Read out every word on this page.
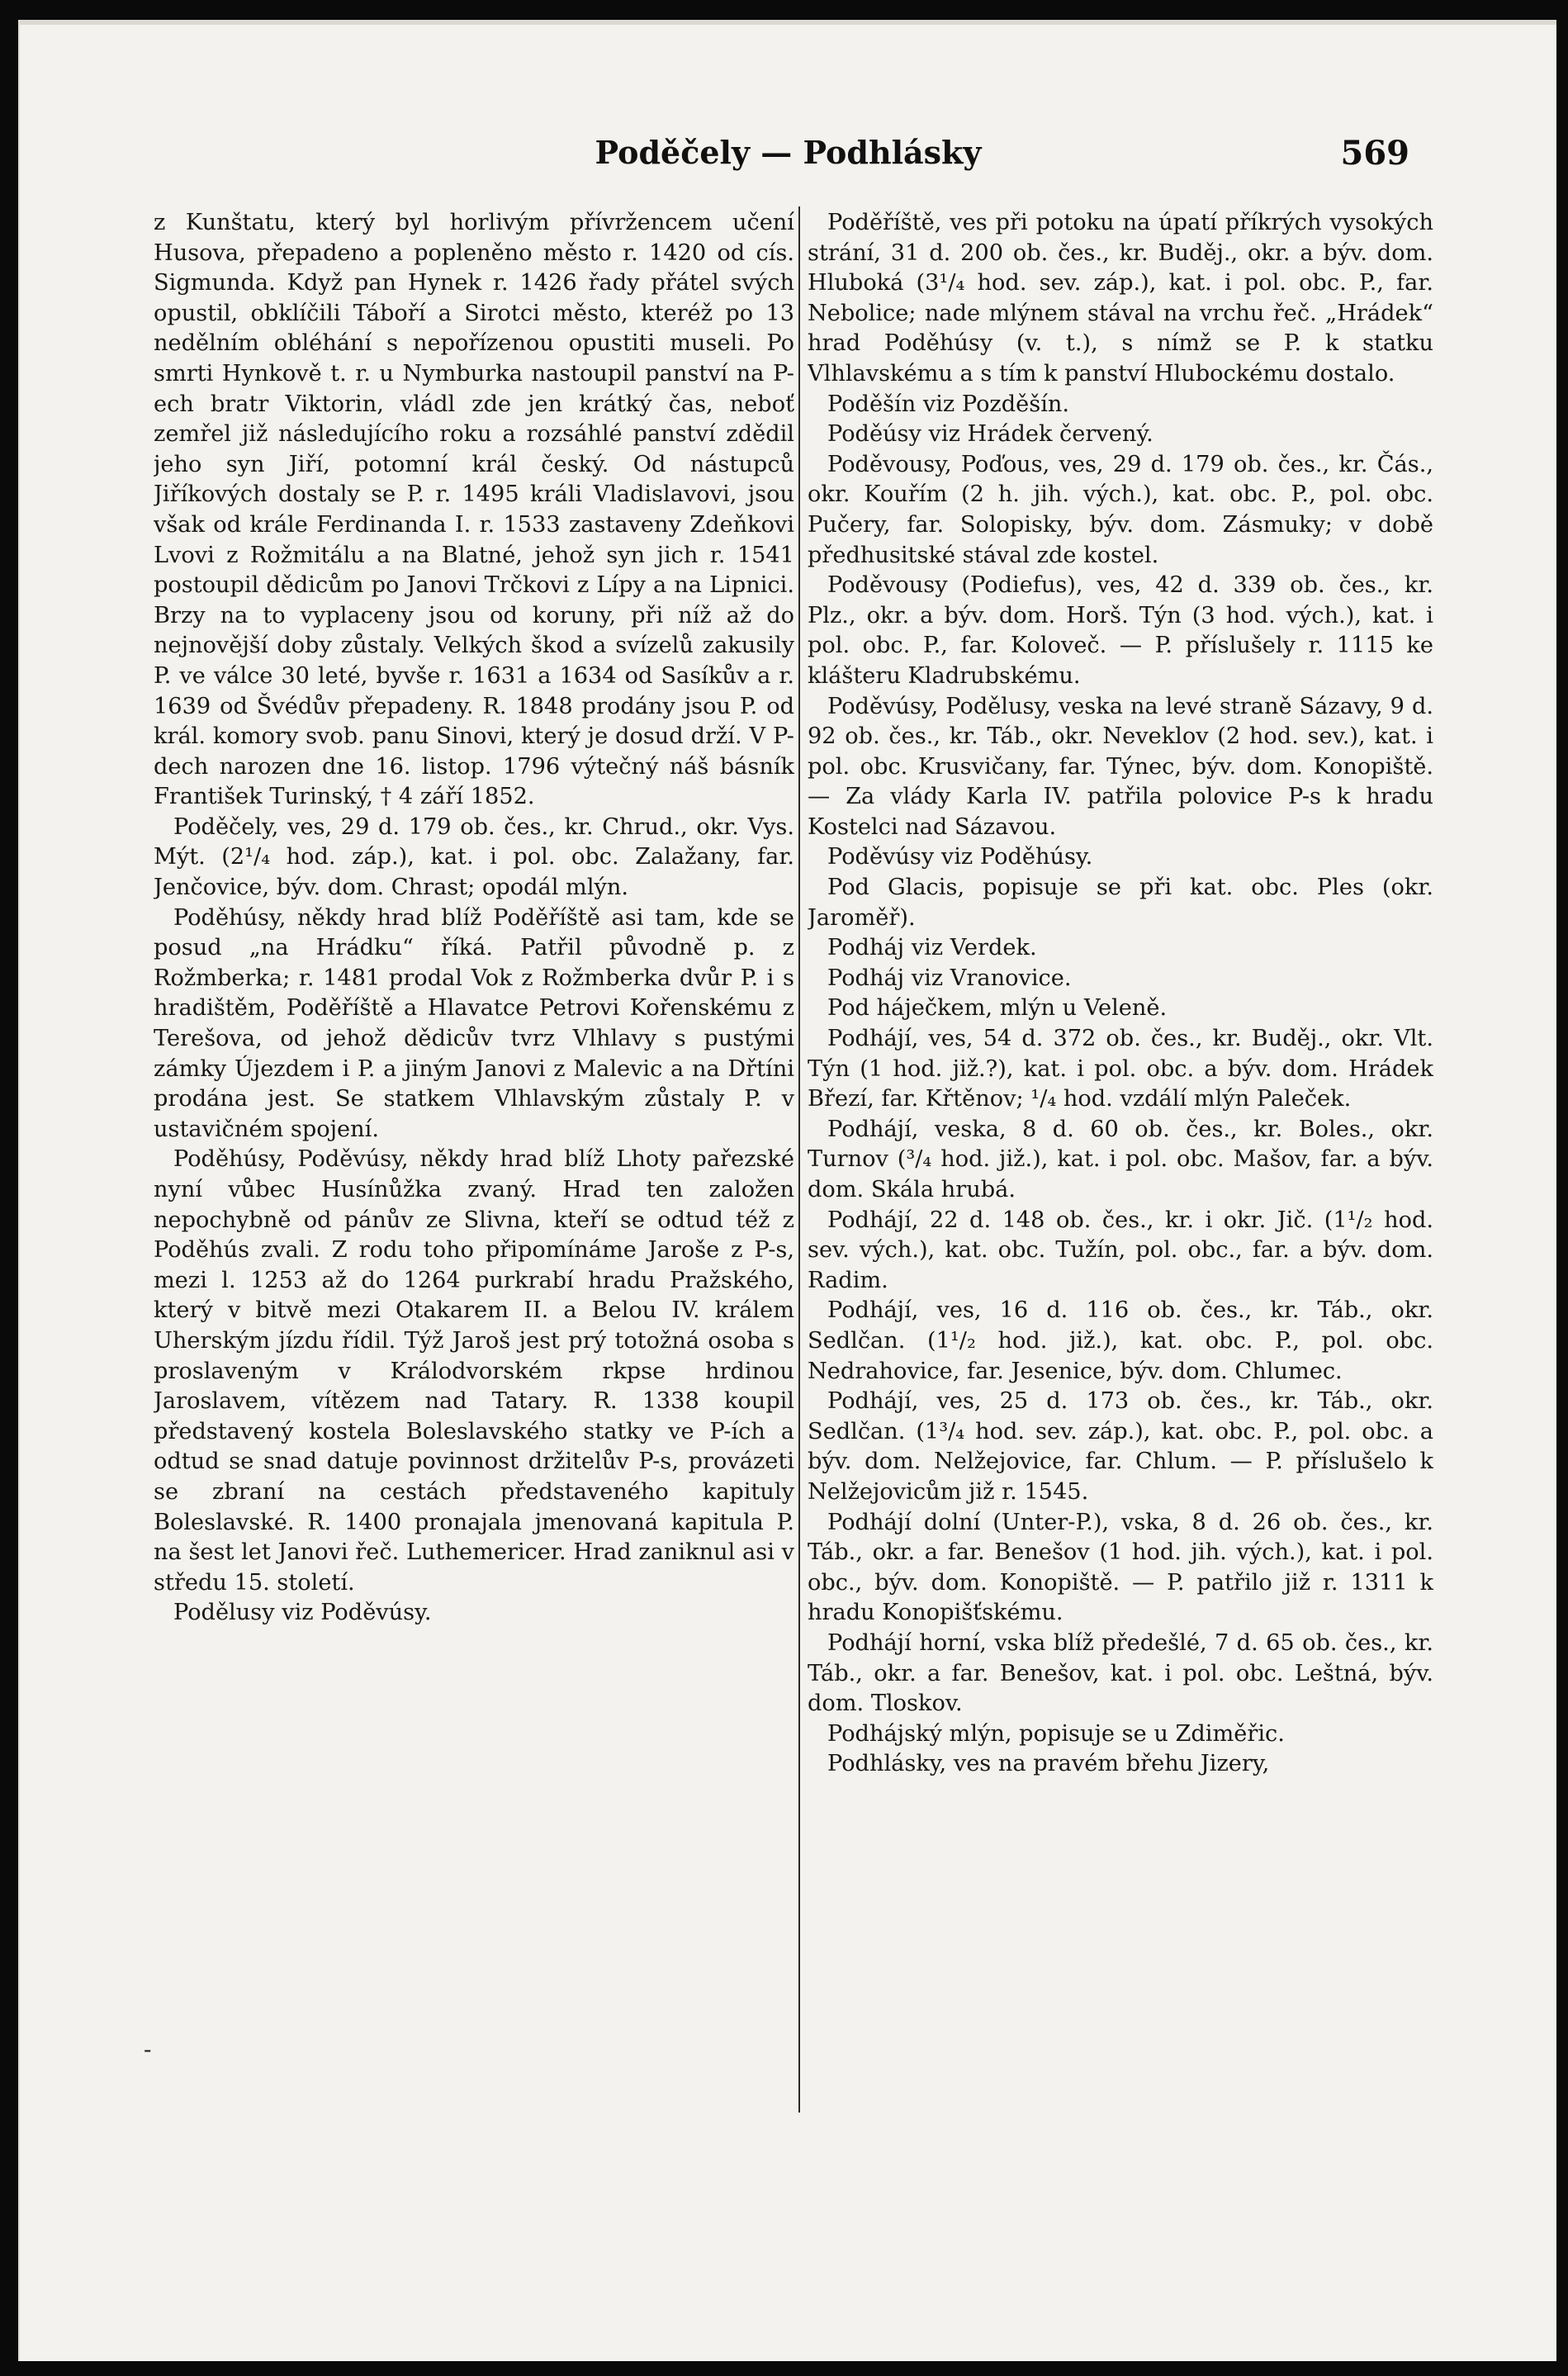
Poděčely — Podhlásky	569

z Kunštatu, který byl horlivým přívržencem učení Husova, přepadeno a popleněno město r. 1420 od cís. Sigmunda. Když pan Hynek r. 1426 řady přátel svých opustil, obklíčili Táboří a Sirotci město, kteréž po 13 nedělním obléhání s nepořízenou opustiti museli. Po smrti Hynkově t. r. u Nymburka nastoupil panství na P-ech bratr Viktorin, vládl zde jen krátký čas, neboť zemřel již následujícího roku a rozsáhlé panství zdědil jeho syn Jiří, potomní král český. Od nástupců Jiříkových dostaly se P. r. 1495 králi Vladislavovi, jsou však od krále Ferdinanda I. r. 1533 zastaveny Zdeňkovi Lvovi z Rožmitálu a na Blatné, jehož syn jich r. 1541 postoupil dědicům po Janovi Trčkovi z Lípy a na Lipnici. Brzy na to vyplaceny jsou od koruny, při níž až do nejnovější doby zůstaly. Velkých škod a svízelů zakusily P. ve válce 30 leté, byvše r. 1631 a 1634 od Sasíkův a r. 1639 od Švédův přepadeny. R. 1848 prodány jsou P. od král. komory svob. panu Sinovi, který je dosud drží. V P-dech narozen dne 16. listop. 1796 výtečný náš básník František Turinský, † 4 září 1852.

Poděčely, ves, 29 d. 179 ob. čes., kr. Chrud., okr. Vys. Mýt. (2¹/₄ hod. záp.), kat. i pol. obc. Zalažany, far. Jenčovice, býv. dom. Chrast; opodál mlýn.

Poděhúsy, někdy hrad blíž Poděříště asi tam, kde se posud „na Hrádku“ říká. Patřil původně p. z Rožmberka; r. 1481 prodal Vok z Rožmberka dvůr P. i s hradištěm, Poděříště a Hlavatce Petrovi Kořenskému z Terešova, od jehož dědicův tvrz Vlhlavy s pustými zámky Újezdem i P. a jiným Janovi z Malevic a na Dřtíni prodána jest. Se statkem Vlhlavským zůstaly P. v ustavičném spojení.

Poděhúsy, Poděvúsy, někdy hrad blíž Lhoty pařezské nyní vůbec Husínůžka zvaný. Hrad ten založen nepochybně od pánův ze Slivna, kteří se odtud též z Poděhús zvali. Z rodu toho připomínáme Jaroše z P-s, mezi l. 1253 až do 1264 purkrabí hradu Pražského, který v bitvě mezi Otakarem II. a Belou IV. králem Uherským jízdu řídil. Týž Jaroš jest prý totožná osoba s proslaveným v Králodvorském rkpse hrdinou Jaroslavem, vítězem nad Tatary. R. 1338 koupil představený kostela Boleslavského statky ve P-ích a odtud se snad datuje povinnost držitelův P-s, provázeti se zbraní na cestách představeného kapituly Boleslavské. R. 1400 pronajala jmenovaná kapitula P. na šest let Janovi řeč. Luthemericer. Hrad zaniknul asi v středu 15. století.

Podělusy viz Poděvúsy.

Poděříště, ves při potoku na úpatí příkrých vysokých strání, 31 d. 200 ob. čes., kr. Buděj., okr. a býv. dom. Hluboká (3¹/₄ hod. sev. záp.), kat. i pol. obc. P., far. Nebolice; nade mlýnem stával na vrchu řeč. „Hrádek“ hrad Poděhúsy (v. t.), s nímž se P. k statku Vlhlavskému a s tím k panství Hlubockému dostalo.

Poděšín viz Pozděšín.

Poděúsy viz Hrádek červený.

Poděvousy, Poďous, ves, 29 d. 179 ob. čes., kr. Čás., okr. Kouřím (2 h. jih. vých.), kat. obc. P., pol. obc. Pučery, far. Solopisky, býv. dom. Zásmuky; v době předhusitské stával zde kostel.

Poděvousy (Podiefus), ves, 42 d. 339 ob. čes., kr. Plz., okr. a býv. dom. Horš. Týn (3 hod. vých.), kat. i pol. obc. P., far. Koloveč. — P. příslušely r. 1115 ke klášteru Kladrubskému.

Poděvúsy, Podělusy, veska na levé straně Sázavy, 9 d. 92 ob. čes., kr. Táb., okr. Neveklov (2 hod. sev.), kat. i pol. obc. Krusvičany, far. Týnec, býv. dom. Konopiště. — Za vlády Karla IV. patřila polovice P-s k hradu Kostelci nad Sázavou.

Poděvúsy viz Poděhúsy.

Pod Glacis, popisuje se při kat. obc. Ples (okr. Jaroměř).

Podháj viz Verdek.

Podháj viz Vranovice.

Pod háječkem, mlýn u Veleně.

Podhájí, ves, 54 d. 372 ob. čes., kr. Buděj., okr. Vlt. Týn (1 hod. již.?), kat. i pol. obc. a býv. dom. Hrádek Březí, far. Křtěnov; ¹/₄ hod. vzdálí mlýn Paleček.

Podhájí, veska, 8 d. 60 ob. čes., kr. Boles., okr. Turnov (³/₄ hod. již.), kat. i pol. obc. Mašov, far. a býv. dom. Skála hrubá.

Podhájí, 22 d. 148 ob. čes., kr. i okr. Jič. (1¹/₂ hod. sev. vých.), kat. obc. Tužín, pol. obc., far. a býv. dom. Radim.

Podhájí, ves, 16 d. 116 ob. čes., kr. Táb., okr. Sedlčan. (1¹/₂ hod. již.), kat. obc. P., pol. obc. Nedrahovice, far. Jesenice, býv. dom. Chlumec.

Podhájí, ves, 25 d. 173 ob. čes., kr. Táb., okr. Sedlčan. (1³/₄ hod. sev. záp.), kat. obc. P., pol. obc. a býv. dom. Nelžejovice, far. Chlum. — P. příslušelo k Nelžejovicům již r. 1545.

Podhájí dolní (Unter-P.), vska, 8 d. 26 ob. čes., kr. Táb., okr. a far. Benešov (1 hod. jih. vých.), kat. i pol. obc., býv. dom. Konopiště. — P. patřilo již r. 1311 k hradu Konopišťskému.

Podhájí horní, vska blíž předešlé, 7 d. 65 ob. čes., kr. Táb., okr. a far. Benešov, kat. i pol. obc. Leštná, býv. dom. Tloskov.

Podhájský mlýn, popisuje se u Zdiměřic.

Podhlásky, ves na pravém břehu Jizery,

-
